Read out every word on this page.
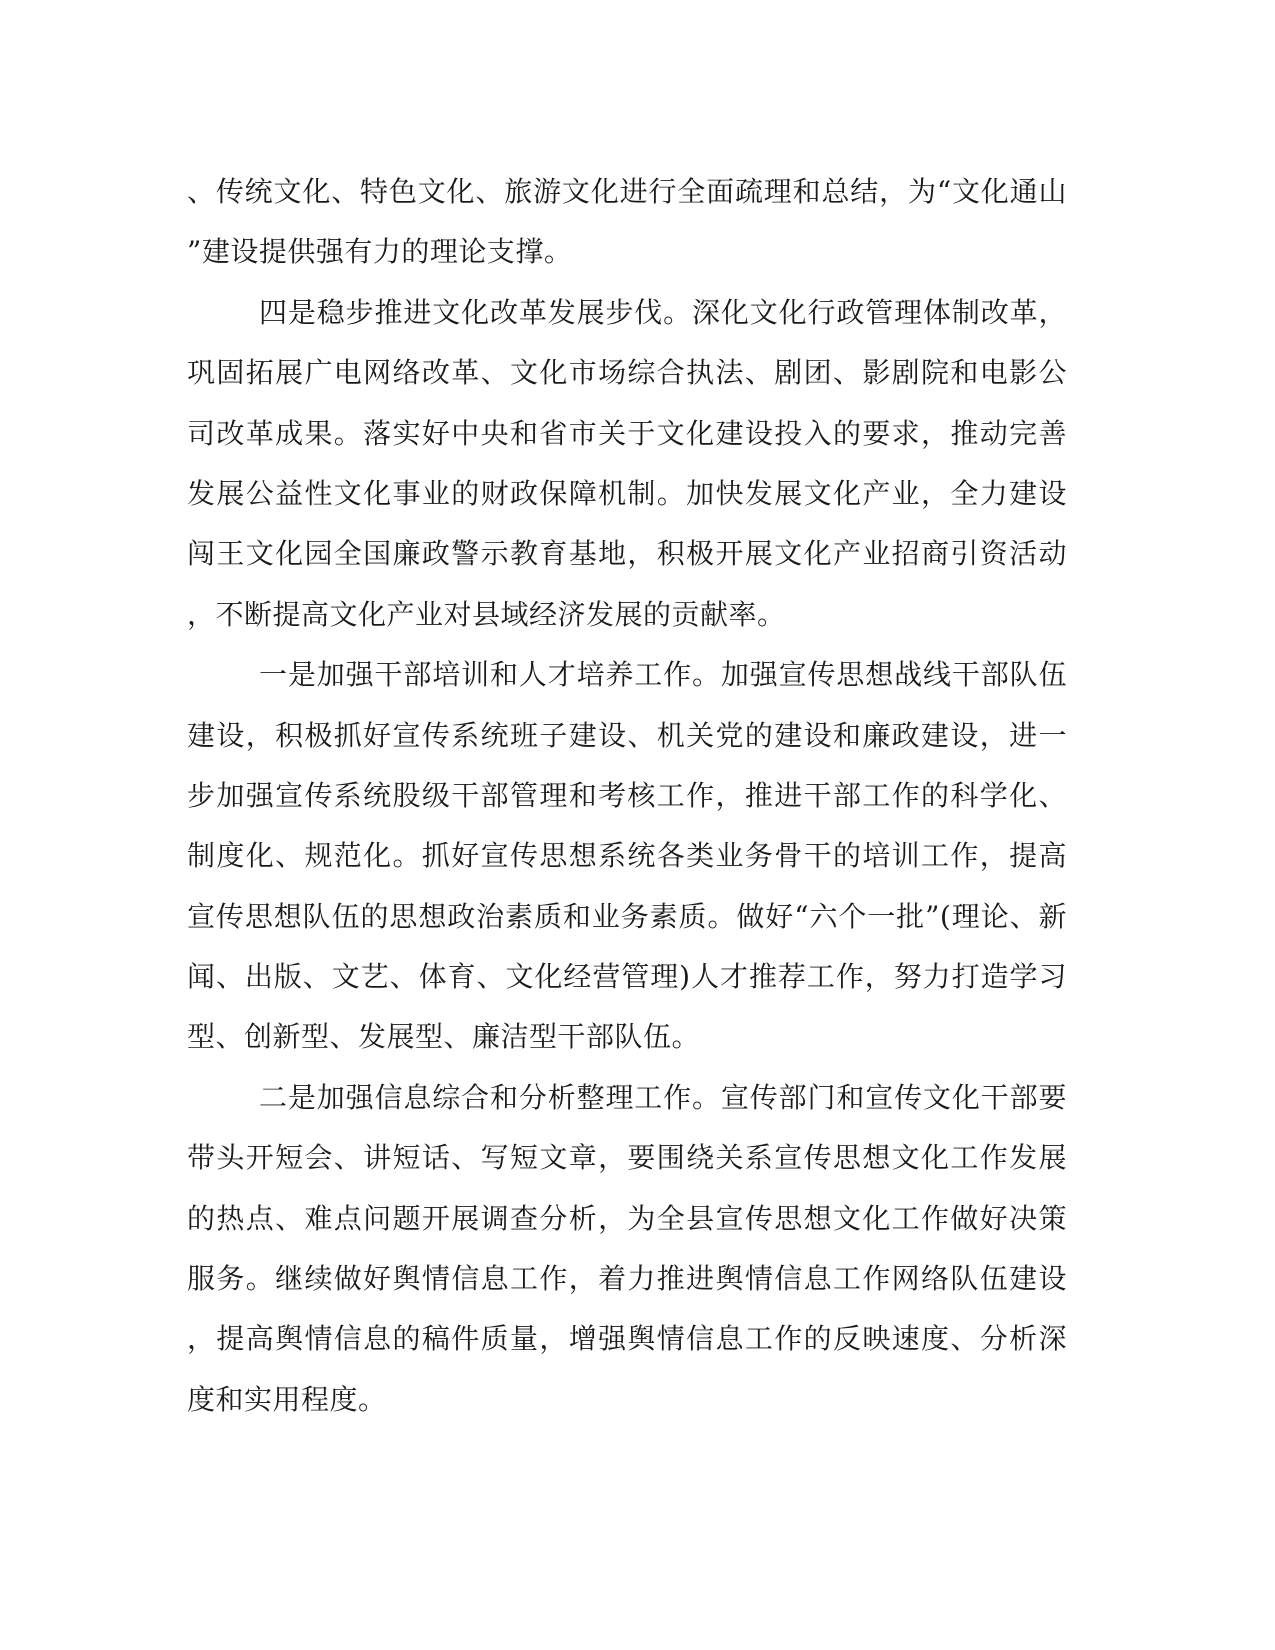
、传统文化、特色文化、旅游文化进行全面疏理和总结，为“文化通山
”建设提供强有力的理论支撑。
四是稳步推进文化改革发展步伐。深化文化行政管理体制改革，
巩固拓展广电网络改革、文化市场综合执法、剧团、影剧院和电影公
司改革成果。落实好中央和省市关于文化建设投入的要求，推动完善
发展公益性文化事业的财政保障机制。加快发展文化产业，全力建设
闯王文化园全国廉政警示教育基地，积极开展文化产业招商引资活动
，不断提高文化产业对县域经济发展的贡献率。
一是加强干部培训和人才培养工作。加强宣传思想战线干部队伍
建设，积极抓好宣传系统班子建设、机关党的建设和廉政建设，进一
步加强宣传系统股级干部管理和考核工作，推进干部工作的科学化、
制度化、规范化。抓好宣传思想系统各类业务骨干的培训工作，提高
宣传思想队伍的思想政治素质和业务素质。做好“六个一批”(理论、新
闻、出版、文艺、体育、文化经营管理)人才推荐工作，努力打造学习
型、创新型、发展型、廉洁型干部队伍。
二是加强信息综合和分析整理工作。宣传部门和宣传文化干部要
带头开短会、讲短话、写短文章，要围绕关系宣传思想文化工作发展
的热点、难点问题开展调查分析，为全县宣传思想文化工作做好决策
服务。继续做好舆情信息工作，着力推进舆情信息工作网络队伍建设
，提高舆情信息的稿件质量，增强舆情信息工作的反映速度、分析深
度和实用程度。
